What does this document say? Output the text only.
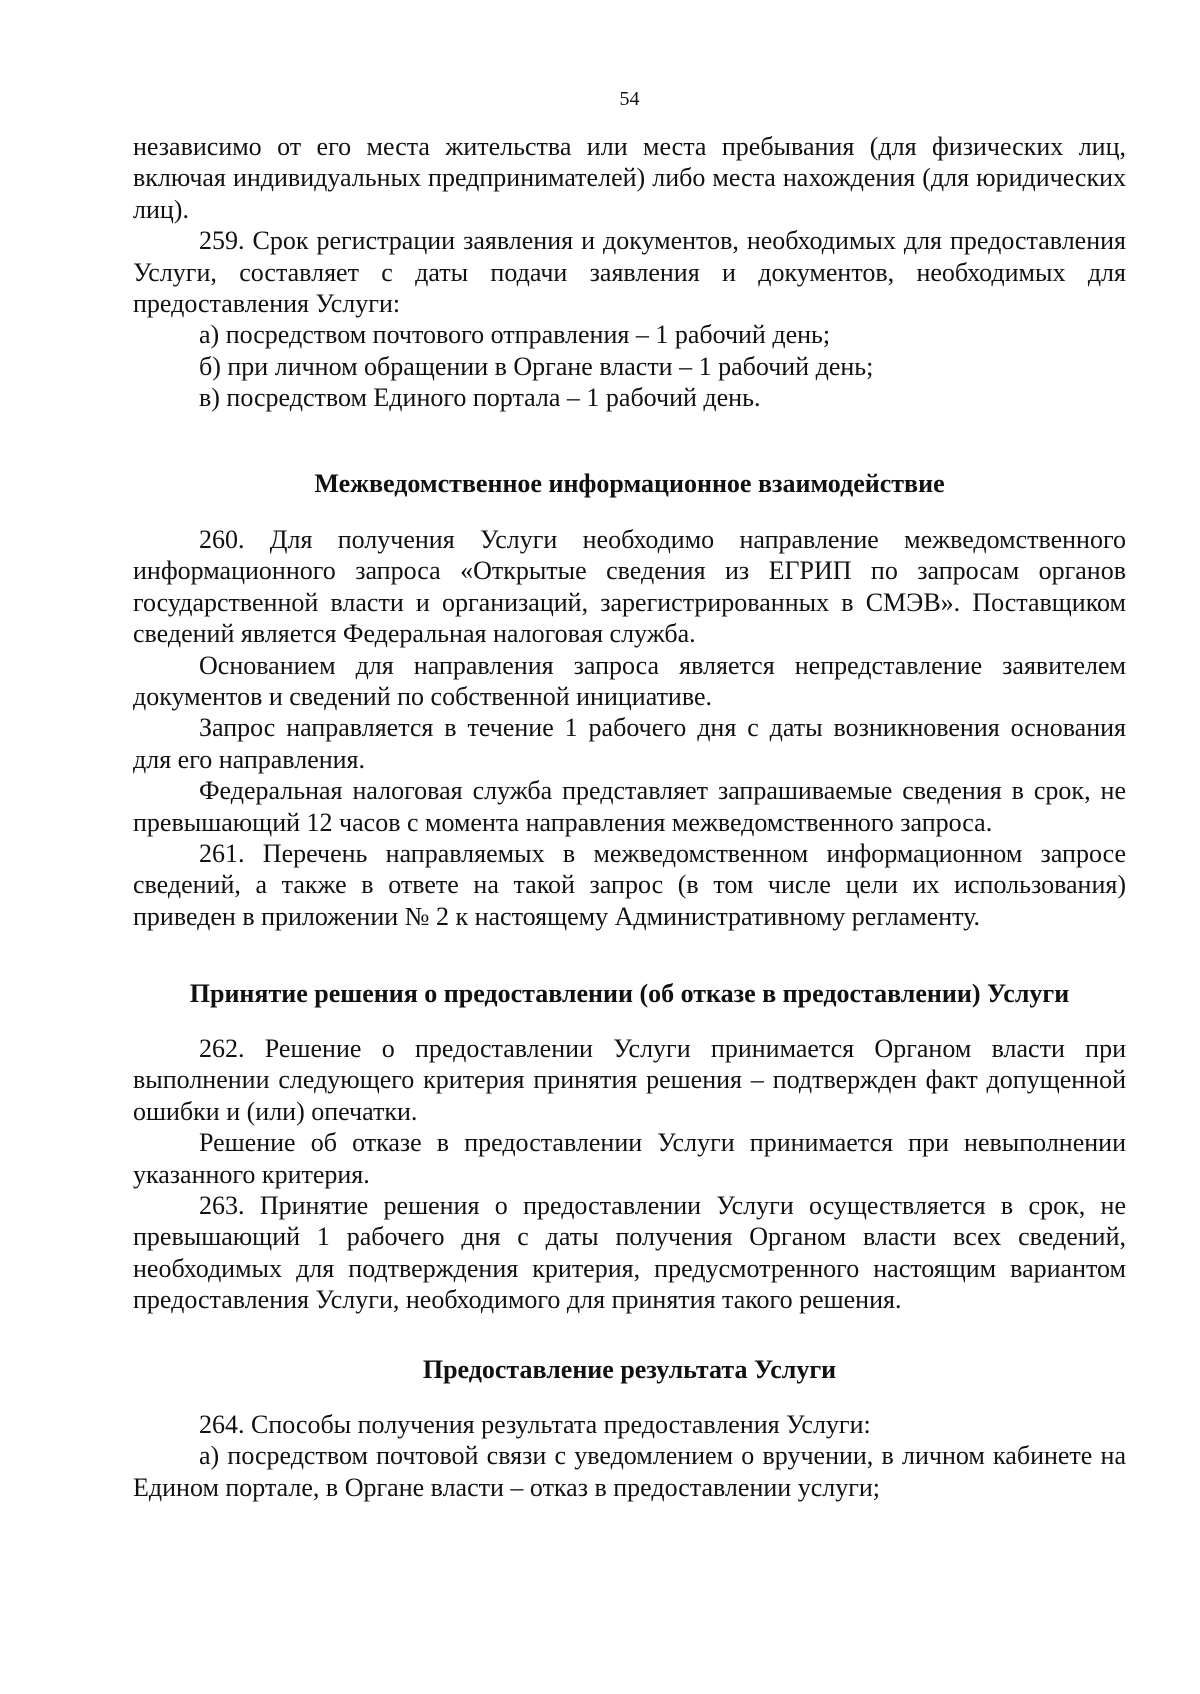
54

независимо от его места жительства или места пребывания (для физических лиц, включая индивидуальных предпринимателей) либо места нахождения (для юридических лиц).

259. Срок регистрации заявления и документов, необходимых для предоставления Услуги, составляет с даты подачи заявления и документов, необходимых для предоставления Услуги:

а) посредством почтового отправления – 1 рабочий день;

б) при личном обращении в Органе власти – 1 рабочий день;

в) посредством Единого портала – 1 рабочий день.

Межведомственное информационное взаимодействие

260. Для получения Услуги необходимо направление межведомственного информационного запроса «Открытые сведения из ЕГРИП по запросам органов государственной власти и организаций, зарегистрированных в СМЭВ». Поставщиком сведений является Федеральная налоговая служба.

Основанием для направления запроса является непредставление заявителем документов и сведений по собственной инициативе.

Запрос направляется в течение 1 рабочего дня с даты возникновения основания для его направления.

Федеральная налоговая служба представляет запрашиваемые сведения в срок, не превышающий 12 часов с момента направления межведомственного запроса.

261. Перечень направляемых в межведомственном информационном запросе сведений, а также в ответе на такой запрос (в том числе цели их использования) приведен в приложении № 2 к настоящему Административному регламенту.

Принятие решения о предоставлении (об отказе в предоставлении) Услуги

262. Решение о предоставлении Услуги принимается Органом власти при выполнении следующего критерия принятия решения – подтвержден факт допущенной ошибки и (или) опечатки.

Решение об отказе в предоставлении Услуги принимается при невыполнении указанного критерия.

263. Принятие решения о предоставлении Услуги осуществляется в срок, не превышающий 1 рабочего дня с даты получения Органом власти всех сведений, необходимых для подтверждения критерия, предусмотренного настоящим вариантом предоставления Услуги, необходимого для принятия такого решения.

Предоставление результата Услуги

264. Способы получения результата предоставления Услуги:

а) посредством почтовой связи с уведомлением о вручении, в личном кабинете на Едином портале, в Органе власти – отказ в предоставлении услуги;
